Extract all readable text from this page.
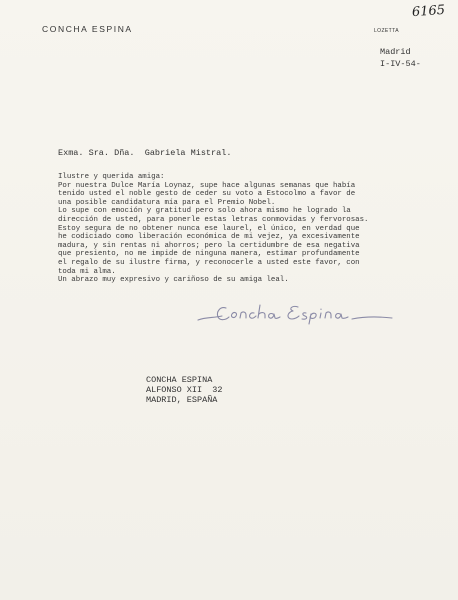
CONCHA ESPINA
6165
LOZETTA
Madrid
I-IV-54-
Exma. Sra. Dña.  Gabriela Mistral.
Ilustre y querida amiga:
Por nuestra Dulce María Loynaz, supe hace algunas semanas que había
tenido usted el noble gesto de ceder su voto a Estocolmo a favor de
una posible candidatura mía para el Premio Nobel.
Lo supe con emoción y gratitud pero solo ahora mismo he logrado la
dirección de usted, para ponerle estas letras conmovidas y fervorosas.
Estoy segura de no obtener nunca ese laurel, el único, en verdad que
he codiciado como liberación económica de mi vejez, ya excesivamente
madura, y sin rentas ni ahorros; pero la certidumbre de esa negativa
que presiento, no me impide de ninguna manera, estimar profundamente
el regalo de su ilustre firma, y reconocerle a usted este favor, con
toda mi alma.
Un abrazo muy expresivo y cariñoso de su amiga leal.
CONCHA ESPINA
ALFONSO XII  32
MADRID, ESPAÑA
